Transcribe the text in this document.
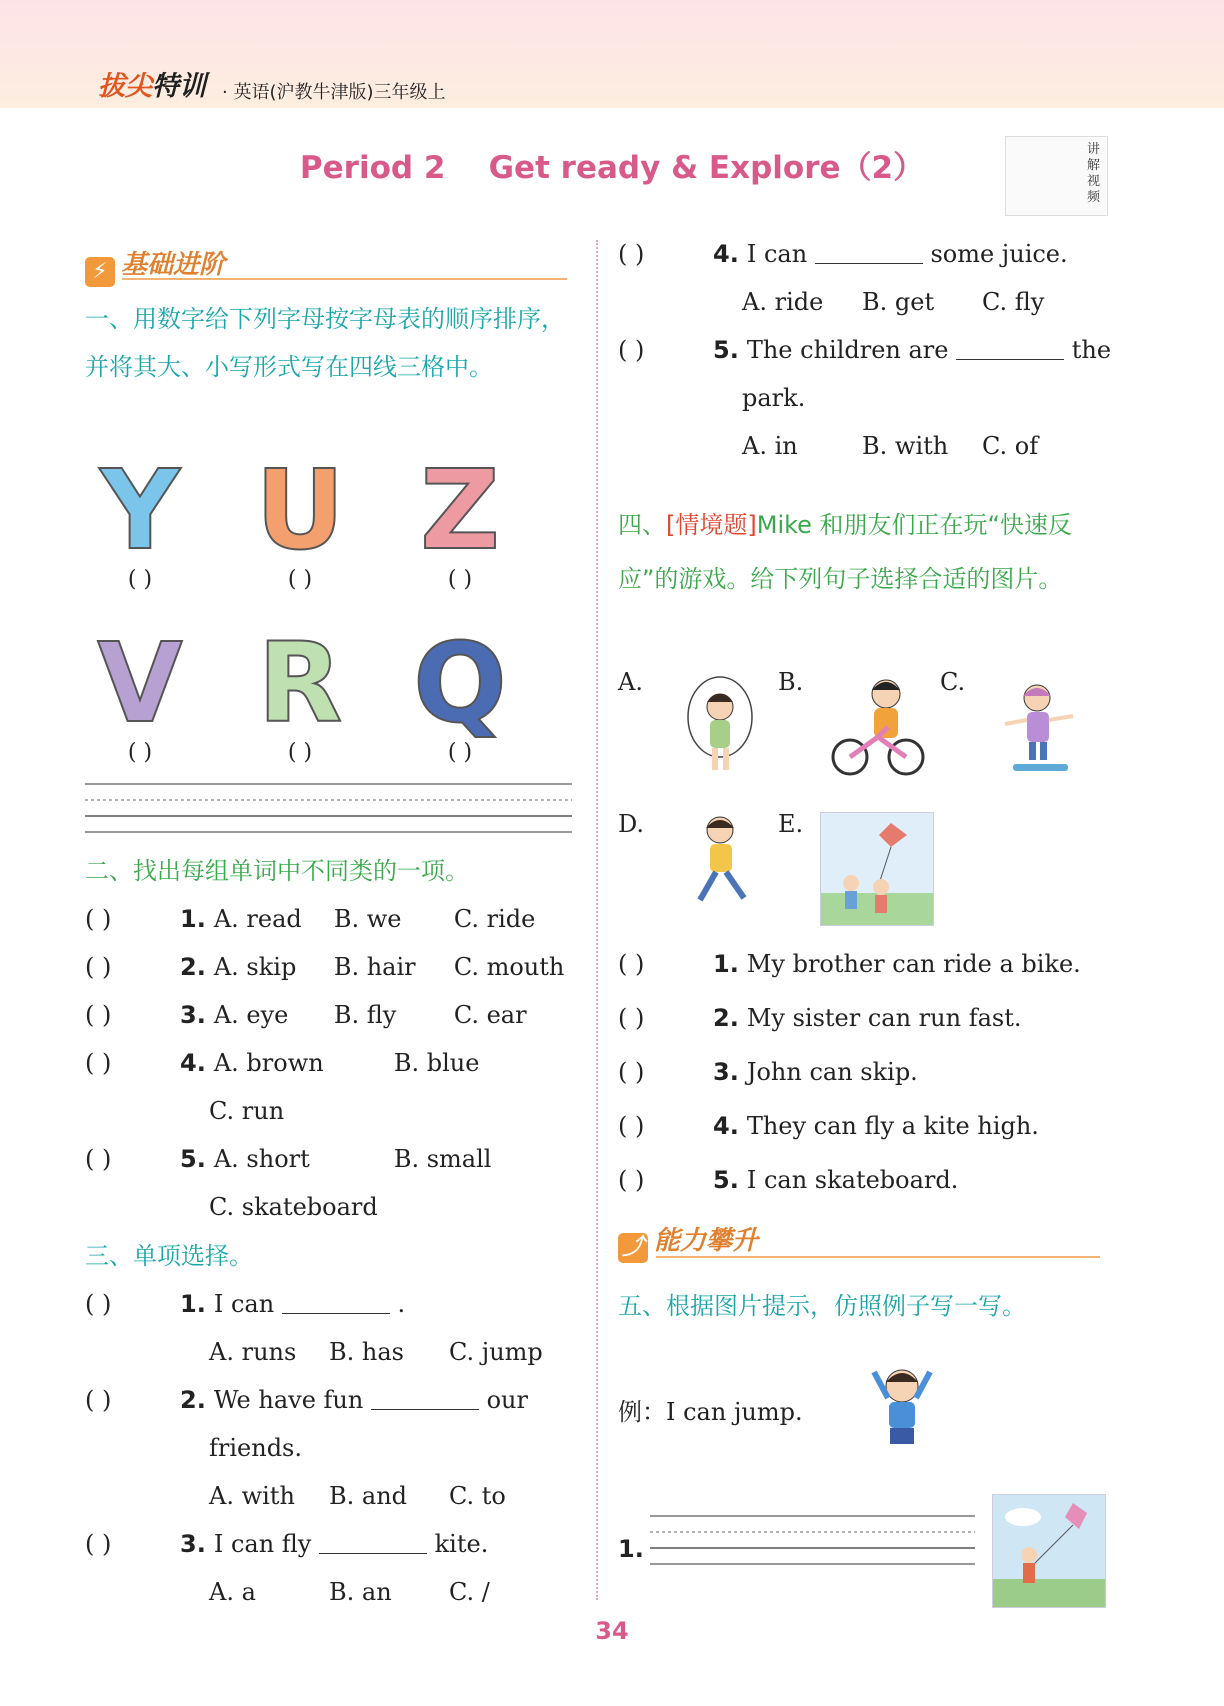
拔尖特训 · 英语(沪教牛津版)三年级上
Period 2 Get ready & Explore（2）
讲解视频
⚡ 基础进阶
一、用数字给下列字母按字母表的顺序排序，并将其大、小写形式写在四线三格中。
Y
( )
U
( )
Z
( )
V
( )
R
( )
Q
( )
二、找出每组单词中不同类的一项。
( )	1. A. read B. we C. ride
( )	2. A. skip B. hair C. mouth
( )	3. A. eye B. fly C. ear
( )	4. A. brown	B. blue
C. run
( )	5. A. short	B. small
C. skateboard
三、单项选择。
( )	1. I can	.
A. runs B. has C. jump
( )	2. We have fun	our
friends.
A. with B. and C. to
( )	3. I can fly	kite.
A. a	B. an C. /
( )	4. I can	some juice.
A. ride B. get C. fly
( )	5. The children are	the
park.
A. in	B. with C. of
四、[情境题]Mike 和朋友们正在玩“快速反应”的游戏。给下列句子选择合适的图片。
A.	B.	C.
D.	E.
( )	1. My brother can ride a bike.
( )	2. My sister can run fast.
( )	3. John can skip.
( )	4. They can fly a kite high.
( )	5. I can skateboard.
⤴ 能力攀升
五、根据图片提示，仿照例子写一写。
例：I can jump.
1.
34
